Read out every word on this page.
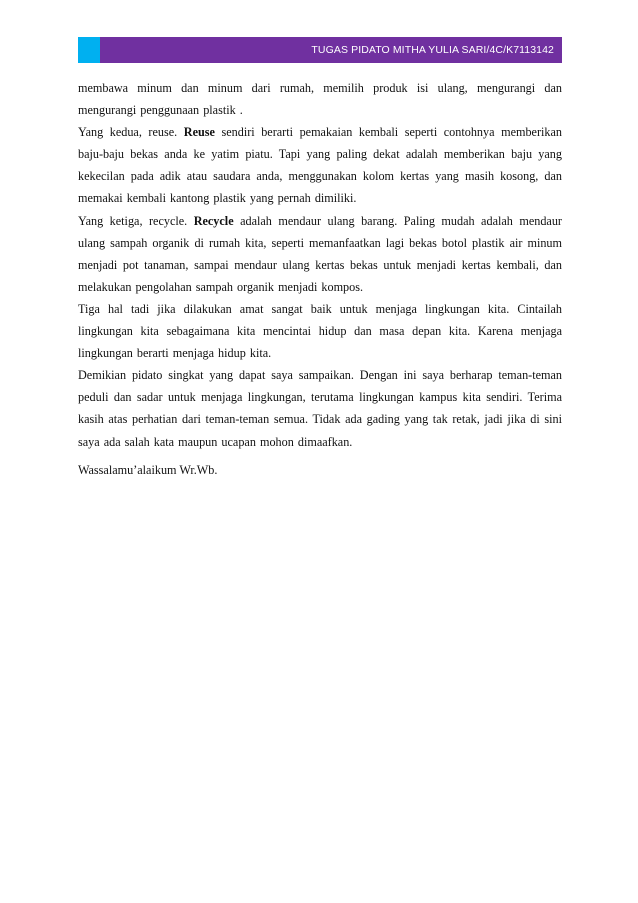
TUGAS PIDATO MITHA YULIA SARI/4C/K7113142

membawa minum dan minum dari rumah, memilih produk isi ulang, mengurangi dan mengurangi penggunaan plastik .

Yang kedua, reuse. Reuse sendiri berarti pemakaian kembali seperti contohnya memberikan baju-baju bekas anda ke yatim piatu. Tapi yang paling dekat adalah memberikan baju yang kekecilan pada adik atau saudara anda, menggunakan kolom kertas yang masih kosong, dan memakai kembali kantong plastik yang pernah dimiliki.

Yang ketiga, recycle. Recycle adalah mendaur ulang barang. Paling mudah adalah mendaur ulang sampah organik di rumah kita, seperti memanfaatkan lagi bekas botol plastik air minum menjadi pot tanaman, sampai mendaur ulang kertas bekas untuk menjadi kertas kembali, dan melakukan pengolahan sampah organik menjadi kompos.

Tiga hal tadi jika dilakukan amat sangat baik untuk menjaga lingkungan kita. Cintailah lingkungan kita sebagaimana kita mencintai hidup dan masa depan kita. Karena menjaga lingkungan berarti menjaga hidup kita.

Demikian pidato singkat yang dapat saya sampaikan. Dengan ini saya berharap teman-teman peduli dan sadar untuk menjaga lingkungan, terutama lingkungan kampus kita sendiri. Terima kasih atas perhatian dari teman-teman semua. Tidak ada gading yang tak retak, jadi jika di sini saya ada salah kata maupun ucapan mohon dimaafkan.

Wassalamu’alaikum Wr.Wb.
